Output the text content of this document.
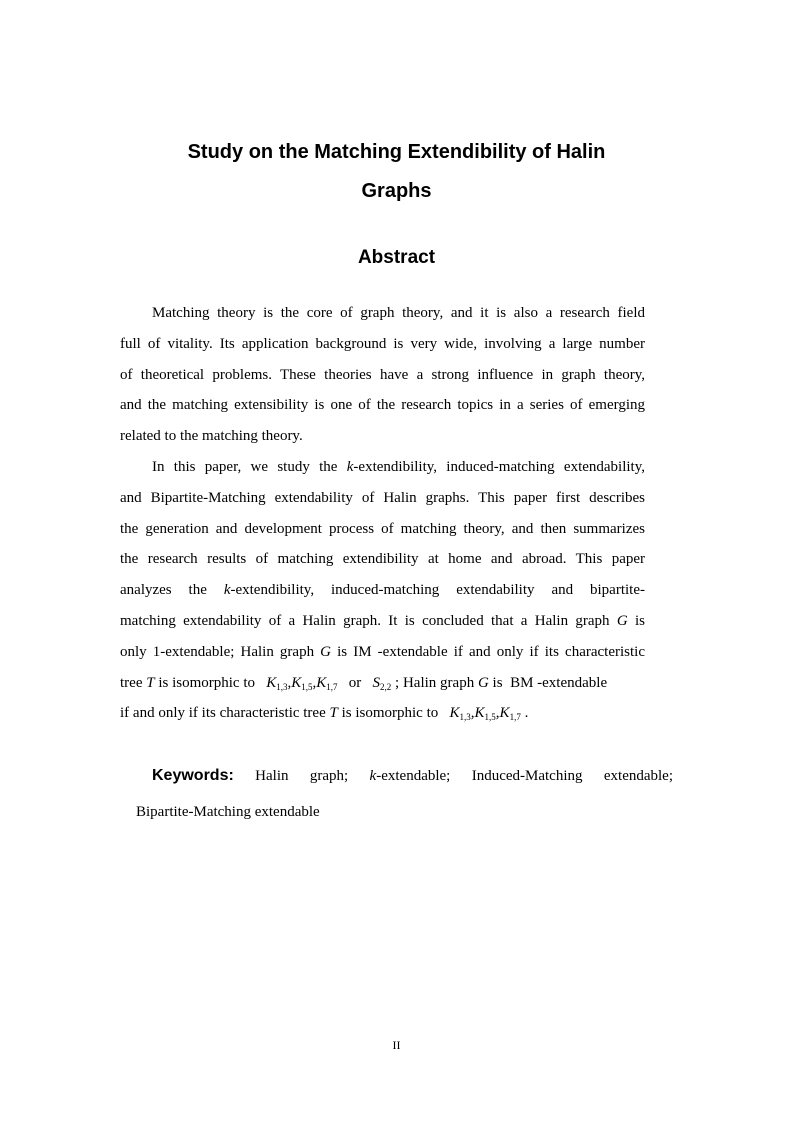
Study on the Matching Extendibility of Halin
Graphs
Abstract
Matching theory is the core of graph theory, and it is also a research field
full of vitality. Its application background is very wide, involving a large number
of theoretical problems. These theories have a strong influence in graph theory,
and the matching extensibility is one of the research topics in a series of emerging
related to the matching theory.
In this paper, we study the k-extendibility, induced-matching extendability,
and Bipartite-Matching extendability of Halin graphs. This paper first describes
the generation and development process of matching theory, and then summarizes
the research results of matching extendibility at home and abroad. This paper
analyzes the k-extendibility, induced-matching extendability and bipartite-
matching extendability of a Halin graph. It is concluded that a Halin graph G is
only 1-extendable; Halin graph G is IM -extendable if and only if its characteristic
tree T is isomorphic to   $K_{1,3},K_{1,5},K_{1,7}$ or $S_{2,2}$ ; Halin graph G is  BM -extendable
if and only if its characteristic tree T is isomorphic to   $K_{1,3},K_{1,5},K_{1,7}$ .
Keywords: Halin graph; k-extendable; Induced-Matching extendable;
Bipartite-Matching extendable
II
